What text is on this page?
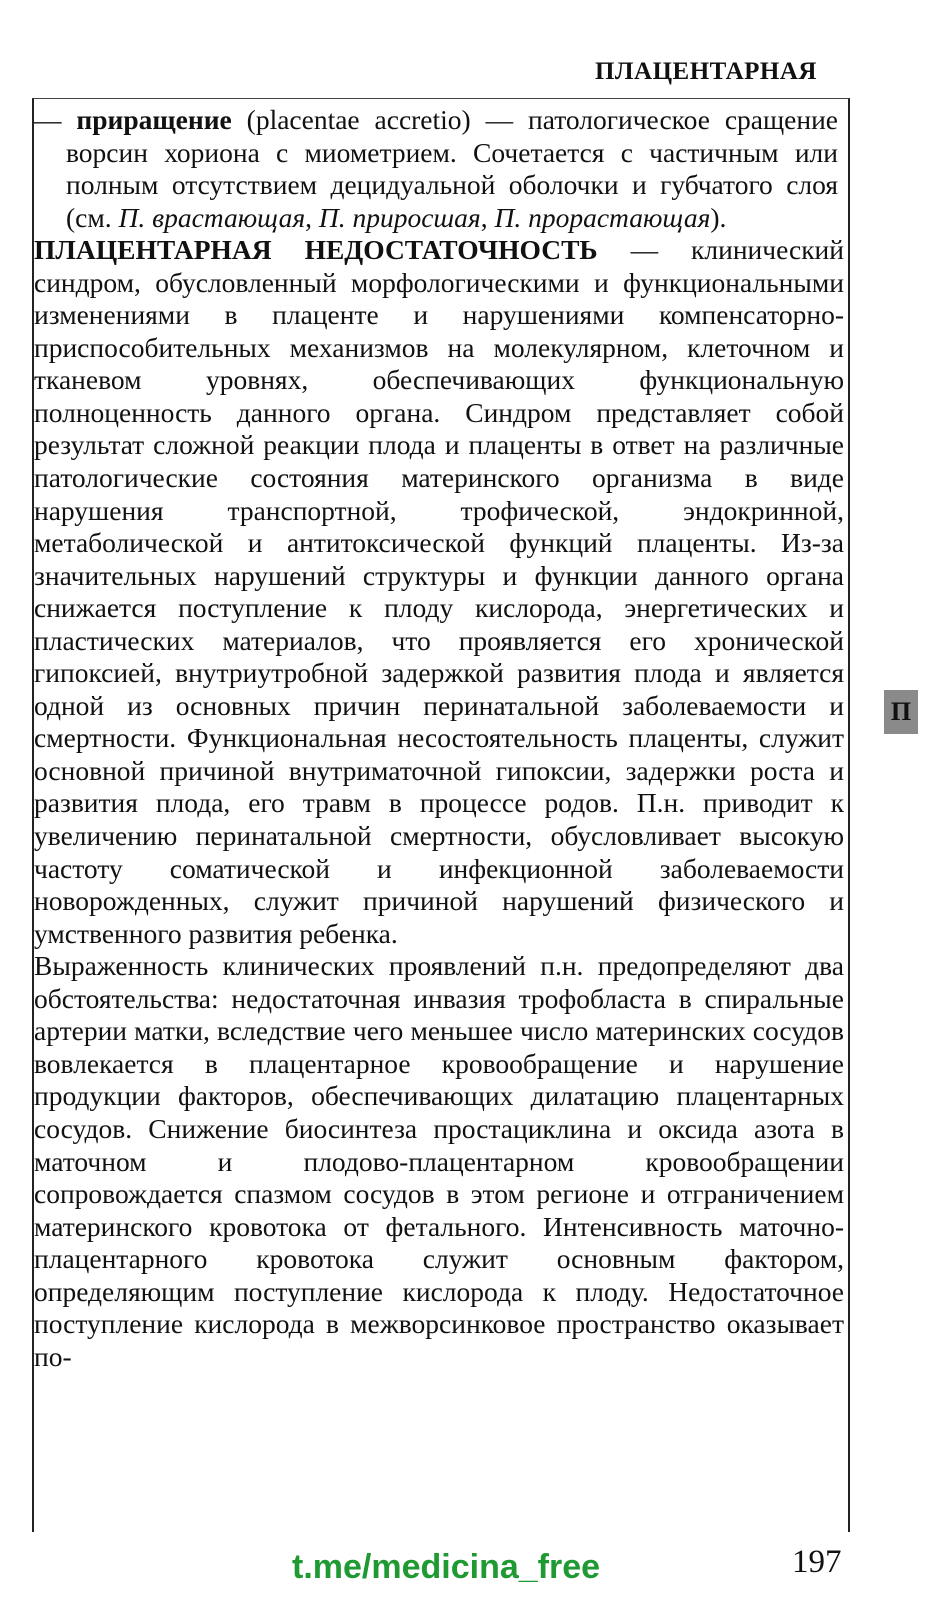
ПЛАЦЕНТАРНАЯ

— приращение (placentae accretio) — патологическое сращение ворсин хориона с миометрием. Сочетается с частичным или полным отсутствием децидуальной оболочки и губчатого слоя (см. П. врастающая, П. приросшая, П. прорастающая).

ПЛАЦЕНТАРНАЯ НЕДОСТАТОЧНОСТЬ — клинический синдром, обусловленный морфологическими и функциональными изменениями в плаценте и нарушениями компенсаторно-приспособительных механизмов на молекулярном, клеточном и тканевом уровнях, обеспечивающих функциональную полноценность данного органа. Синдром представляет собой результат сложной реакции плода и плаценты в ответ на различные патологические состояния материнского организма в виде нарушения транспортной, трофической, эндокринной, метаболической и антитоксической функций плаценты. Из-за значительных нарушений структуры и функции данного органа снижается поступление к плоду кислорода, энергетических и пластических материалов, что проявляется его хронической гипоксией, внутриутробной задержкой развития плода и является одной из основных причин перинатальной заболеваемости и смертности. Функциональная несостоятельность плаценты, служит основной причиной внутриматочной гипоксии, задержки роста и развития плода, его травм в процессе родов. П.н. приводит к увеличению перинатальной смертности, обусловливает высокую частоту соматической и инфекционной заболеваемости новорожденных, служит причиной нарушений физического и умственного развития ребенка.

Выраженность клинических проявлений п.н. предопределяют два обстоятельства: недостаточная инвазия трофобласта в спиральные артерии матки, вследствие чего меньшее число материнских сосудов вовлекается в плацентарное кровообращение и нарушение продукции факторов, обеспечивающих дилатацию плацентарных сосудов. Снижение биосинтеза простациклина и оксида азота в маточном и плодово-плацентарном кровообращении сопровождается спазмом сосудов в этом регионе и отграничением материнского кровотока от фетального. Интенсивность маточно-плацентарного кровотока служит основным фактором, определяющим поступление кислорода к плоду. Недостаточное поступление кислорода в межворсинковое пространство оказывает по-

П
t.me/medicina_free	197
